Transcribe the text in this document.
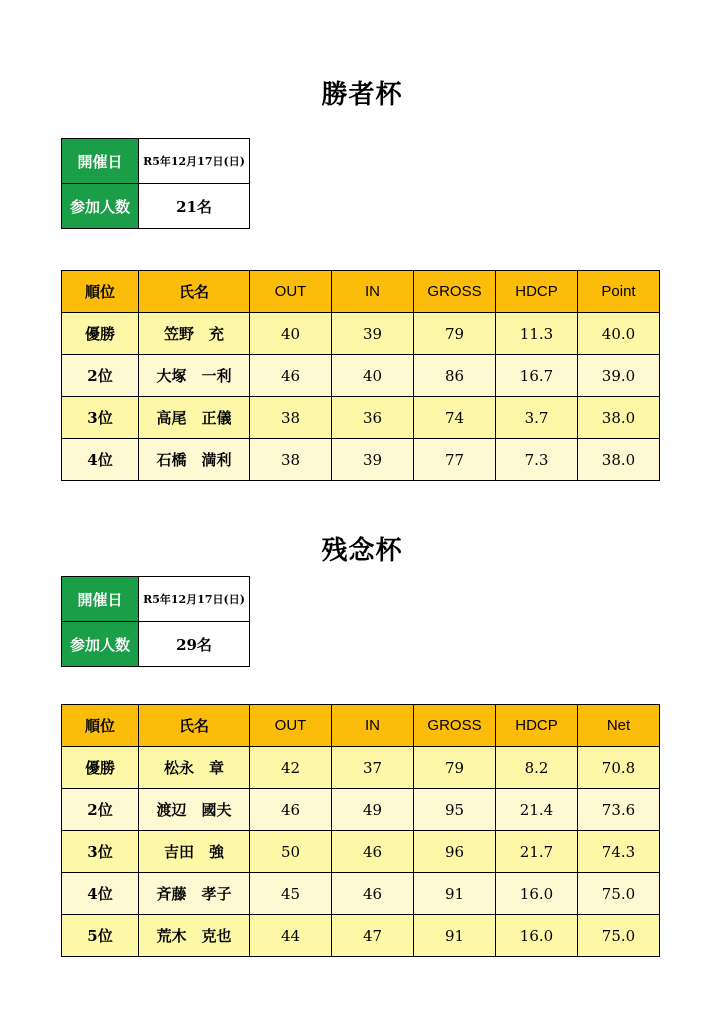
勝者杯
開催日	R5年12月17日(日)
参加人数	21名
順位	氏名	OUT	IN	GROSS	HDCP	Point
優勝	笠野　充	40	39	79	11.3	40.0
2位	大塚　一利	46	40	86	16.7	39.0
3位	高尾　正儀	38	36	74	3.7	38.0
4位	石橋　満利	38	39	77	7.3	38.0
残念杯
開催日	R5年12月17日(日)
参加人数	29名
順位	氏名	OUT	IN	GROSS	HDCP	Net
優勝	松永　章	42	37	79	8.2	70.8
2位	渡辺　國夫	46	49	95	21.4	73.6
3位	吉田　強	50	46	96	21.7	74.3
4位	斉藤　孝子	45	46	91	16.0	75.0
5位	荒木　克也	44	47	91	16.0	75.0
